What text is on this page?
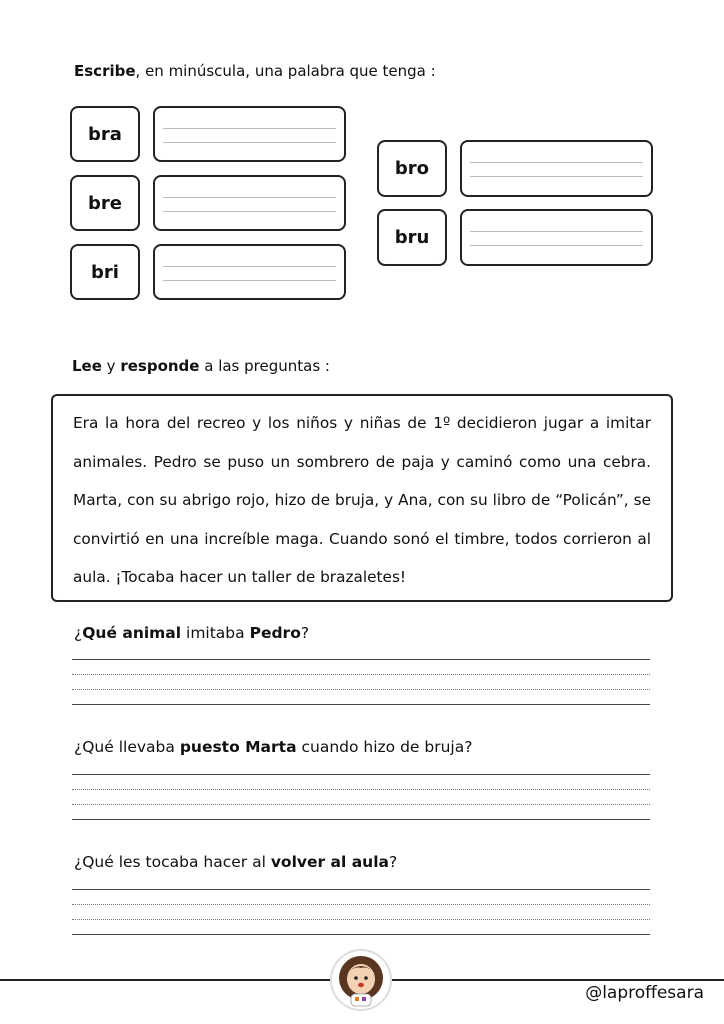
Escribe, en minúscula, una palabra que tenga :
bra
bre
bri
bro
bru
Lee y responde a las preguntas :
Era la hora del recreo y los niños y niñas de 1º decidieron jugar a imitar animales. Pedro se puso un sombrero de paja y caminó como una cebra. Marta, con su abrigo rojo, hizo de bruja, y Ana, con su libro de “Policán”, se convirtió en una increíble maga. Cuando sonó el timbre, todos corrieron al aula. ¡Tocaba hacer un taller de brazaletes!
¿Qué animal imitaba Pedro?
¿Qué llevaba puesto Marta cuando hizo de bruja?
¿Qué les tocaba hacer al volver al aula?
@laproffesara
